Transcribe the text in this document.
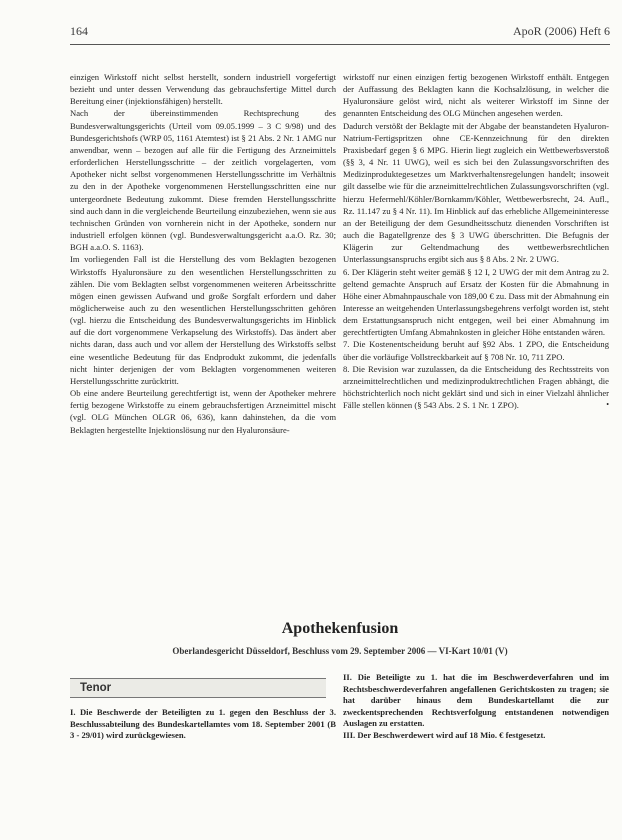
164	ApoR (2006) Heft 6

einzigen Wirkstoff nicht selbst herstellt, sondern industriell vorgefertigt bezieht und unter dessen Verwendung das gebrauchsfertige Mittel durch Bereitung einer (injektionsfähigen) herstellt.

Nach der übereinstimmenden Rechtsprechung des Bundesverwaltungsgerichts (Urteil vom 09.05.1999 – 3 C 9/98) und des Bundesgerichtshofs (WRP 05, 1161 Atemtest) ist § 21 Abs. 2 Nr. 1 AMG nur anwendbar, wenn – bezogen auf alle für die Fertigung des Arzneimittels erforderlichen Herstellungsschritte – der zeitlich vorgelagerten, vom Apotheker nicht selbst vorgenommenen Herstellungsschritte im Verhältnis zu den in der Apotheke vorgenommenen Herstellungsschritten eine nur untergeordnete Bedeutung zukommt. Diese fremden Herstellungsschritte sind auch dann in die vergleichende Beurteilung einzubeziehen, wenn sie aus technischen Gründen von vornherein nicht in der Apotheke, sondern nur industriell erfolgen können (vgl. Bundesverwaltungsgericht a.a.O. Rz. 30; BGH a.a.O. S. 1163).

Im vorliegenden Fall ist die Herstellung des vom Beklagten bezogenen Wirkstoffs Hyaluronsäure zu den wesentlichen Herstellungsschritten zu zählen. Die vom Beklagten selbst vorgenommenen weiteren Arbeitsschritte mögen einen gewissen Aufwand und große Sorgfalt erfordern und daher möglicherweise auch zu den wesentlichen Herstellungsschritten gehören (vgl. hierzu die Entscheidung des Bundesverwaltungsgerichts im Hinblick auf die dort vorgenommene Verkapselung des Wirkstoffs). Das ändert aber nichts daran, dass auch und vor allem der Herstellung des Wirkstoffs selbst eine wesentliche Bedeutung für das Endprodukt zukommt, die jedenfalls nicht hinter derjenigen der vom Beklagten vorgenommenen weiteren Herstellungsschritte zurücktritt.

Ob eine andere Beurteilung gerechtfertigt ist, wenn der Apotheker mehrere fertig bezogene Wirkstoffe zu einem gebrauchsfertigen Arzneimittel mischt (vgl. OLG München OLGR 06, 636), kann dahinstehen, da die vom Beklagten hergestellte Injektionslösung nur den Hyaluronsäure-

wirkstoff nur einen einzigen fertig bezogenen Wirkstoff enthält. Entgegen der Auffassung des Beklagten kann die Kochsalzlösung, in welcher die Hyaluronsäure gelöst wird, nicht als weiterer Wirkstoff im Sinne der genannten Entscheidung des OLG München angesehen werden.

Dadurch verstößt der Beklagte mit der Abgabe der beanstandeten Hyaluron-Natrium-Fertigspritzen ohne CE-Kennzeichnung für den direkten Praxisbedarf gegen § 6 MPG. Hierin liegt zugleich ein Wettbewerbsverstoß (§§ 3, 4 Nr. 11 UWG), weil es sich bei den Zulassungsvorschriften des Medizinproduktegesetzes um Marktverhaltensregelungen handelt; insoweit gilt dasselbe wie für die arzneimittelrechtlichen Zulassungsvorschriften (vgl. hierzu Hefermehl/Köhler/Bornkamm/Köhler, Wettbewerbsrecht, 24. Aufl., Rz. 11.147 zu § 4 Nr. 11). Im Hinblick auf das erhebliche Allgemeininteresse an der Beteiligung der dem Gesundheitsschutz dienenden Vorschriften ist auch die Bagatellgrenze des § 3 UWG überschritten. Die Befugnis der Klägerin zur Geltendmachung des wettbewerbsrechtlichen Unterlassungsanspruchs ergibt sich aus § 8 Abs. 2 Nr. 2 UWG.

6. Der Klägerin steht weiter gemäß § 12 I, 2 UWG der mit dem Antrag zu 2. geltend gemachte Anspruch auf Ersatz der Kosten für die Abmahnung in Höhe einer Abmahnpauschale von 189,00 € zu. Dass mit der Abmahnung ein Interesse an weitgehenden Unterlassungsbegehrens verfolgt worden ist, steht dem Erstattungsanspruch nicht entgegen, weil bei einer Abmahnung im gerechtfertigten Umfang Abmahnkosten in gleicher Höhe entstanden wären.

7. Die Kostenentscheidung beruht auf §92 Abs. 1 ZPO, die Entscheidung über die vorläufige Vollstreckbarkeit auf § 708 Nr. 10, 711 ZPO.

8. Die Revision war zuzulassen, da die Entscheidung des Rechtsstreits von arzneimittelrechtlichen und medizinproduktrechtlichen Fragen abhängt, die höchstrichterlich noch nicht geklärt sind und sich in einer Vielzahl ähnlicher Fälle stellen können (§ 543 Abs. 2 S. 1 Nr. 1 ZPO).	•

Apothekenfusion
Oberlandesgericht Düsseldorf, Beschluss vom 29. September 2006 — VI-Kart 10/01 (V)
Tenor

I. Die Beschwerde der Beteiligten zu 1. gegen den Beschluss der 3. Beschlussabteilung des Bundeskartellamtes vom 18. September 2001 (B 3 - 29/01) wird zurückgewiesen.

II. Die Beteiligte zu 1. hat die im Beschwerdeverfahren und im Rechtsbeschwerdeverfahren angefallenen Gerichtskosten zu tragen; sie hat darüber hinaus dem Bundeskartellamt die zur zweckentsprechenden Rechtsverfolgung entstandenen notwendigen Auslagen zu erstatten.

III. Der Beschwerdewert wird auf 18 Mio. € festgesetzt.
